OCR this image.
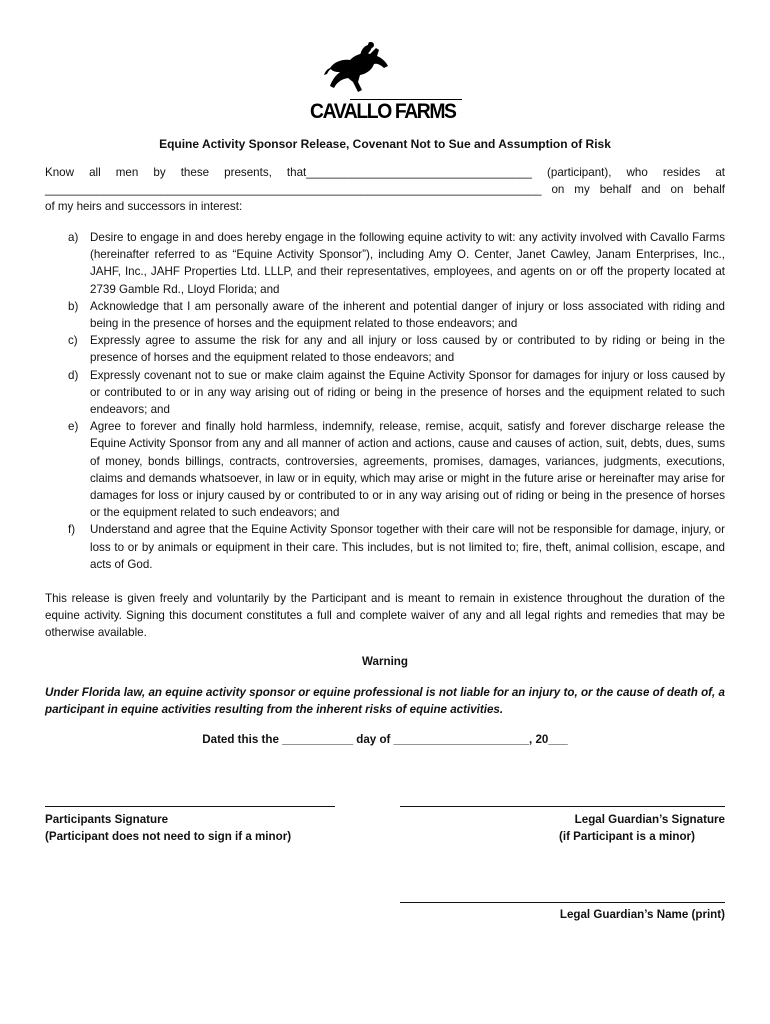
CAVALLO FARMS
Equine Activity Sponsor Release, Covenant Not to Sue and Assumption of Risk
Know all men by these presents, that___________________________________ (participant), who resides at
_____________________________________________________________________________ on my behalf and on behalf
of my heirs and successors in interest:
a) Desire to engage in and does hereby engage in the following equine activity to wit: any activity involved with Cavallo Farms (hereinafter referred to as “Equine Activity Sponsor”), including Amy O. Center, Janet Cawley, Janam Enterprises, Inc., JAHF, Inc., JAHF Properties Ltd. LLLP, and their representatives, employees, and agents on or off the property located at 2739 Gamble Rd., Lloyd Florida; and
b) Acknowledge that I am personally aware of the inherent and potential danger of injury or loss associated with riding and being in the presence of horses and the equipment related to those endeavors; and
c) Expressly agree to assume the risk for any and all injury or loss caused by or contributed to by riding or being in the presence of horses and the equipment related to those endeavors; and
d) Expressly covenant not to sue or make claim against the Equine Activity Sponsor for damages for injury or loss caused by or contributed to or in any way arising out of riding or being in the presence of horses and the equipment related to such endeavors; and
e) Agree to forever and finally hold harmless, indemnify, release, remise, acquit, satisfy and forever discharge release the Equine Activity Sponsor from any and all manner of action and actions, cause and causes of action, suit, debts, dues, sums of money, bonds billings, contracts, controversies, agreements, promises, damages, variances, judgments, executions, claims and demands whatsoever, in law or in equity, which may arise or might in the future arise or hereinafter may arise for damages for loss or injury caused by or contributed to or in any way arising out of riding or being in the presence of horses or the equipment related to such endeavors; and
f) Understand and agree that the Equine Activity Sponsor together with their care will not be responsible for damage, injury, or loss to or by animals or equipment in their care. This includes, but is not limited to; fire, theft, animal collision, escape, and acts of God.
This release is given freely and voluntarily by the Participant and is meant to remain in existence throughout the duration of the equine activity. Signing this document constitutes a full and complete waiver of any and all legal rights and remedies that may be otherwise available.
Warning
Under Florida law, an equine activity sponsor or equine professional is not liable for an injury to, or the cause of death of, a participant in equine activities resulting from the inherent risks of equine activities.
Dated this the ___________ day of _____________________, 20___
Participants Signature
(Participant does not need to sign if a minor)
Legal Guardian’s Signature
(if Participant is a minor)
Legal Guardian’s Name (print)
